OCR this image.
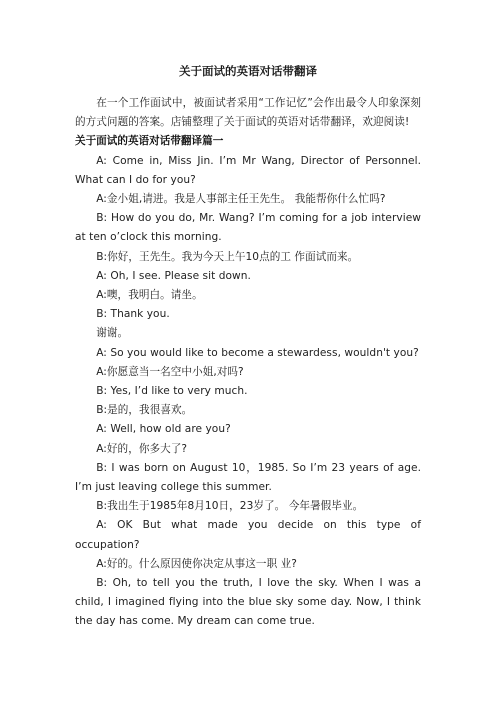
关于面试的英语对话带翻译

在一个工作面试中，被面试者采用“工作记忆”会作出最令人印象深刻的方式问题的答案。店铺整理了关于面试的英语对话带翻译，欢迎阅读!

关于面试的英语对话带翻译篇一

A: Come in, Miss Jin. I’m Mr Wang, Director of Personnel. What can I do for you?

A:金小姐,请进。我是人事部主任王先生。 我能帮你什么忙吗?

B: How do you do, Mr. Wang? I’m coming for a job interview at ten o’clock this morning.

B:你好，王先生。我为今天上午10点的工 作面试而来。

A: Oh, I see. Please sit down.

A:噢，我明白。请坐。

B: Thank you.

谢谢。

A: So you would like to become a stewardess, wouldn't you?

A:你愿意当一名空中小姐,对吗?

B: Yes, I’d like to very much.

B:是的，我很喜欢。

A: Well, how old are you?

A:好的，你多大了?

B: I was born on August 10，1985. So I’m 23 years of age. I’m just leaving college this summer.

B:我出生于1985年8月10日，23岁了。 今年暑假毕业。

A: OK But what made you decide on this type of occupation?

A:好的。什么原因使你决定从事这一职 业?

B: Oh, to tell you the truth, I love the sky. When I was a child, I imagined flying into the blue sky some day. Now, I think the day has come. My dream can come true.
